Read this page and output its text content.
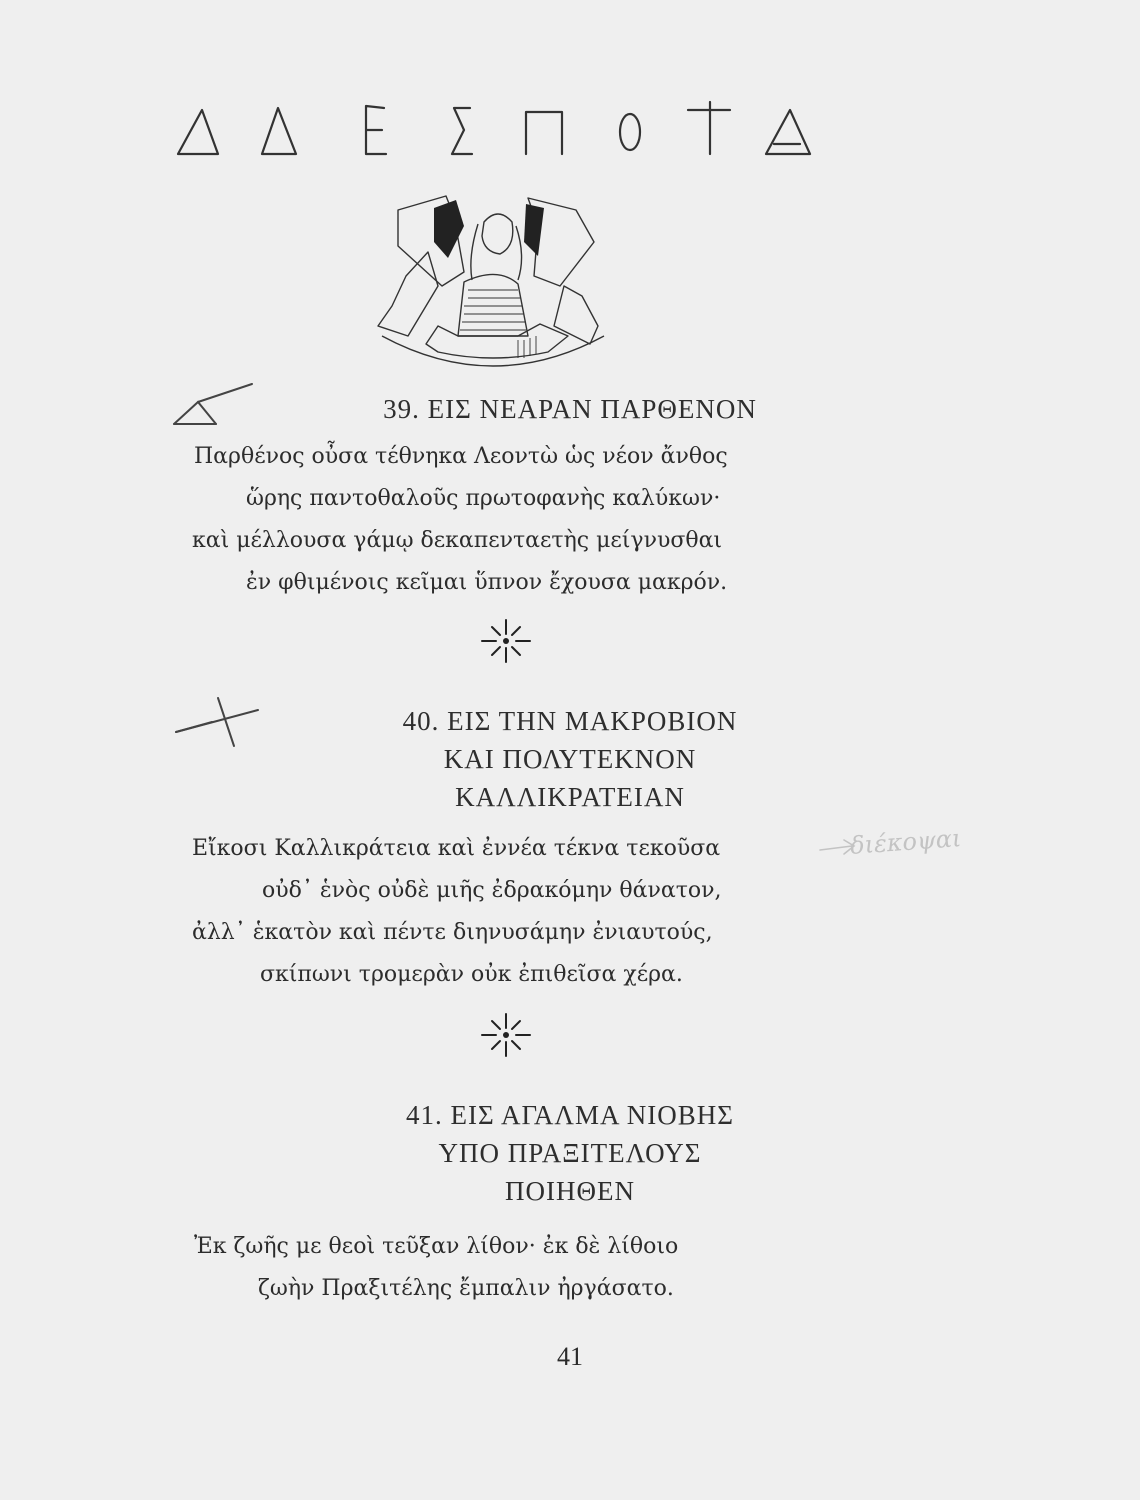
39. ΕΙΣ ΝΕΑΡΑΝ ΠΑΡΘΕΝΟΝ
Παρθένος οὖσα τέθνηκα Λεοντὼ ὡς νέον ἄνθος
ὥρης παντοθαλοῦς πρωτοφανὴς καλύκων·
καὶ μέλλουσα γάμῳ δεκαπενταετὴς μείγνυσθαι
ἐν φθιμένοις κεῖμαι ὕπνον ἔχουσα μακρόν.
40. ΕΙΣ ΤΗΝ ΜΑΚΡΟΒΙΟΝ
ΚΑΙ ΠΟΛΥΤΕΚΝΟΝ
ΚΑΛΛΙΚΡΑΤΕΙΑΝ
Εἴκοσι Καλλικράτεια καὶ ἐννέα τέκνα τεκοῦσα
οὐδ᾽ ἑνὸς οὐδὲ μιῆς ἐδρακόμην θάνατον,
ἀλλ᾽ ἑκατὸν καὶ πέντε διηνυσάμην ἐνιαυτούς,
σκίπωνι τρομερὰν οὐκ ἐπιθεῖσα χέρα.
διέκοψαι
41. ΕΙΣ ΑΓΑΛΜΑ ΝΙΟΒΗΣ
ΥΠΟ ΠΡΑΞΙΤΕΛΟΥΣ
ΠΟΙΗΘΕΝ
Ἐκ ζωῆς με θεοὶ τεῦξαν λίθον· ἐκ δὲ λίθοιο
ζωὴν Πραξιτέλης ἔμπαλιν ἠργάσατο.
41
